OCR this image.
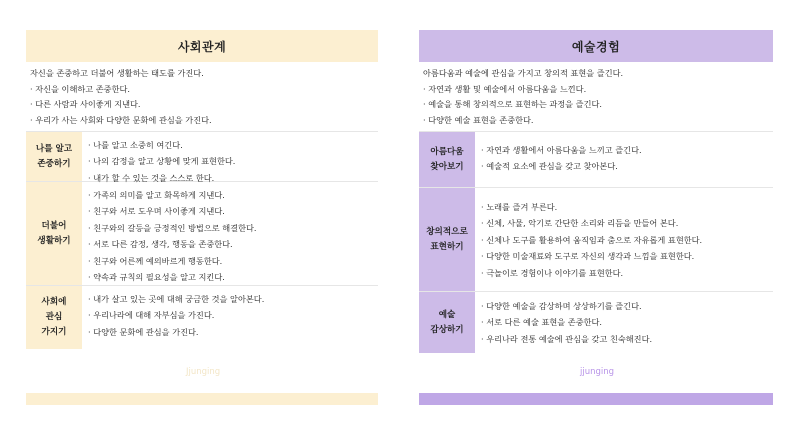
사회관계
자신을 존중하고 더불어 생활하는 태도를 가진다.
· 자신을 이해하고 존중한다.
· 다른 사람과 사이좋게 지낸다.
· 우리가 사는 사회와 다양한 문화에 관심을 가진다.
나를 알고
존중하기
· 나를 알고 소중히 여긴다.
· 나의 감정을 알고 상황에 맞게 표현한다.
· 내가 할 수 있는 것을 스스로 한다.
더불어
생활하기
· 가족의 의미를 알고 화목하게 지낸다.
· 친구와 서로 도우며 사이좋게 지낸다.
· 친구와의 갈등을 긍정적인 방법으로 해결한다.
· 서로 다른 감정, 생각, 행동을 존중한다.
· 친구와 어른께 예의바르게 행동한다.
· 약속과 규칙의 필요성을 알고 지킨다.
사회에
관심
가지기
· 내가 살고 있는 곳에 대해 궁금한 것을 알아본다.
· 우리나라에 대해 자부심을 가진다.
· 다양한 문화에 관심을 가진다.
예술경험
아름다움과 예술에 관심을 가지고 창의적 표현을 즐긴다.
· 자연과 생활 및 예술에서 아름다움을 느낀다.
· 예술을 통해 창의적으로 표현하는 과정을 즐긴다.
· 다양한 예술 표현을 존중한다.
아름다움
찾아보기
· 자연과 생활에서 아름다움을 느끼고 즐긴다.
· 예술적 요소에 관심을 갖고 찾아본다.
창의적으로
표현하기
· 노래를 즐겨 부른다.
· 신체, 사물, 악기로 간단한 소리와 리듬을 만들어 본다.
· 신체나 도구를 활용하여 움직임과 춤으로 자유롭게 표현한다.
· 다양한 미술재료와 도구로 자신의 생각과 느낌을 표현한다.
· 극놀이로 경험이나 이야기를 표현한다.
예술
감상하기
· 다양한 예술을 감상하며 상상하기를 즐긴다.
· 서로 다른 예술 표현을 존중한다.
· 우리나라 전통 예술에 관심을 갖고 친숙해진다.
Jjunging	jjunging
